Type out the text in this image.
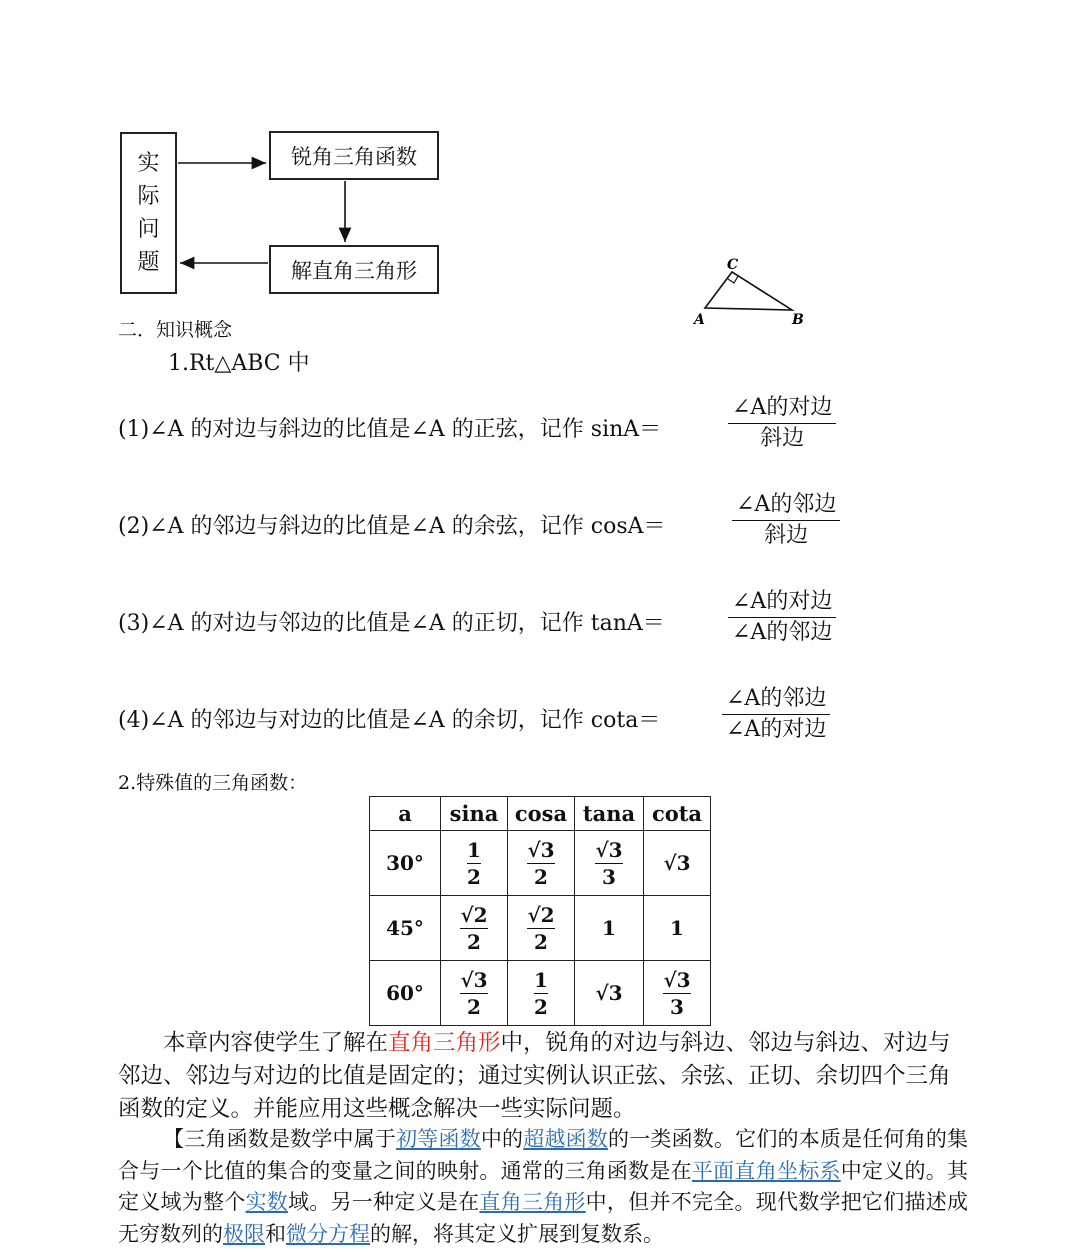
实
际
问
题
锐角三角函数
解直角三角形	C
A	B
二．知识概念
1.Rt△ABC 中
(1)∠A 的对边与斜边的比值是∠A 的正弦，记作 sinA＝
∠A的对边
斜边
(2)∠A 的邻边与斜边的比值是∠A 的余弦，记作 cosA＝
∠A的邻边
斜边
(3)∠A 的对边与邻边的比值是∠A 的正切，记作 tanA＝
∠A的对边
∠A的邻边
(4)∠A 的邻边与对边的比值是∠A 的余切，记作 cota＝
∠A的邻边
∠A的对边
2.特殊值的三角函数：
a	sina	cosa	tana	cota
30°	$\frac{1}{2}$	$\frac{√3}{2}$	$\frac{√3}{3}$	√3
45°	$\frac{√2}{2}$	$\frac{√2}{2}$	1	1
60°	$\frac{√3}{2}$	$\frac{1}{2}$	√3	$\frac{√3}{3}$
本章内容使学生了解在直角三角形中，锐角的对边与斜边、邻边与斜边、对边与邻边、邻边与对边的比值是固定的；通过实例认识正弦、余弦、正切、余切四个三角函数的定义。并能应用这些概念解决一些实际问题。
【三角函数是数学中属于初等函数中的超越函数的一类函数。它们的本质是任何角的集合与一个比值的集合的变量之间的映射。通常的三角函数是在平面直角坐标系中定义的。其定义域为整个实数域。另一种定义是在直角三角形中，但并不完全。现代数学把它们描述成无穷数列的极限和微分方程的解，将其定义扩展到复数系。
